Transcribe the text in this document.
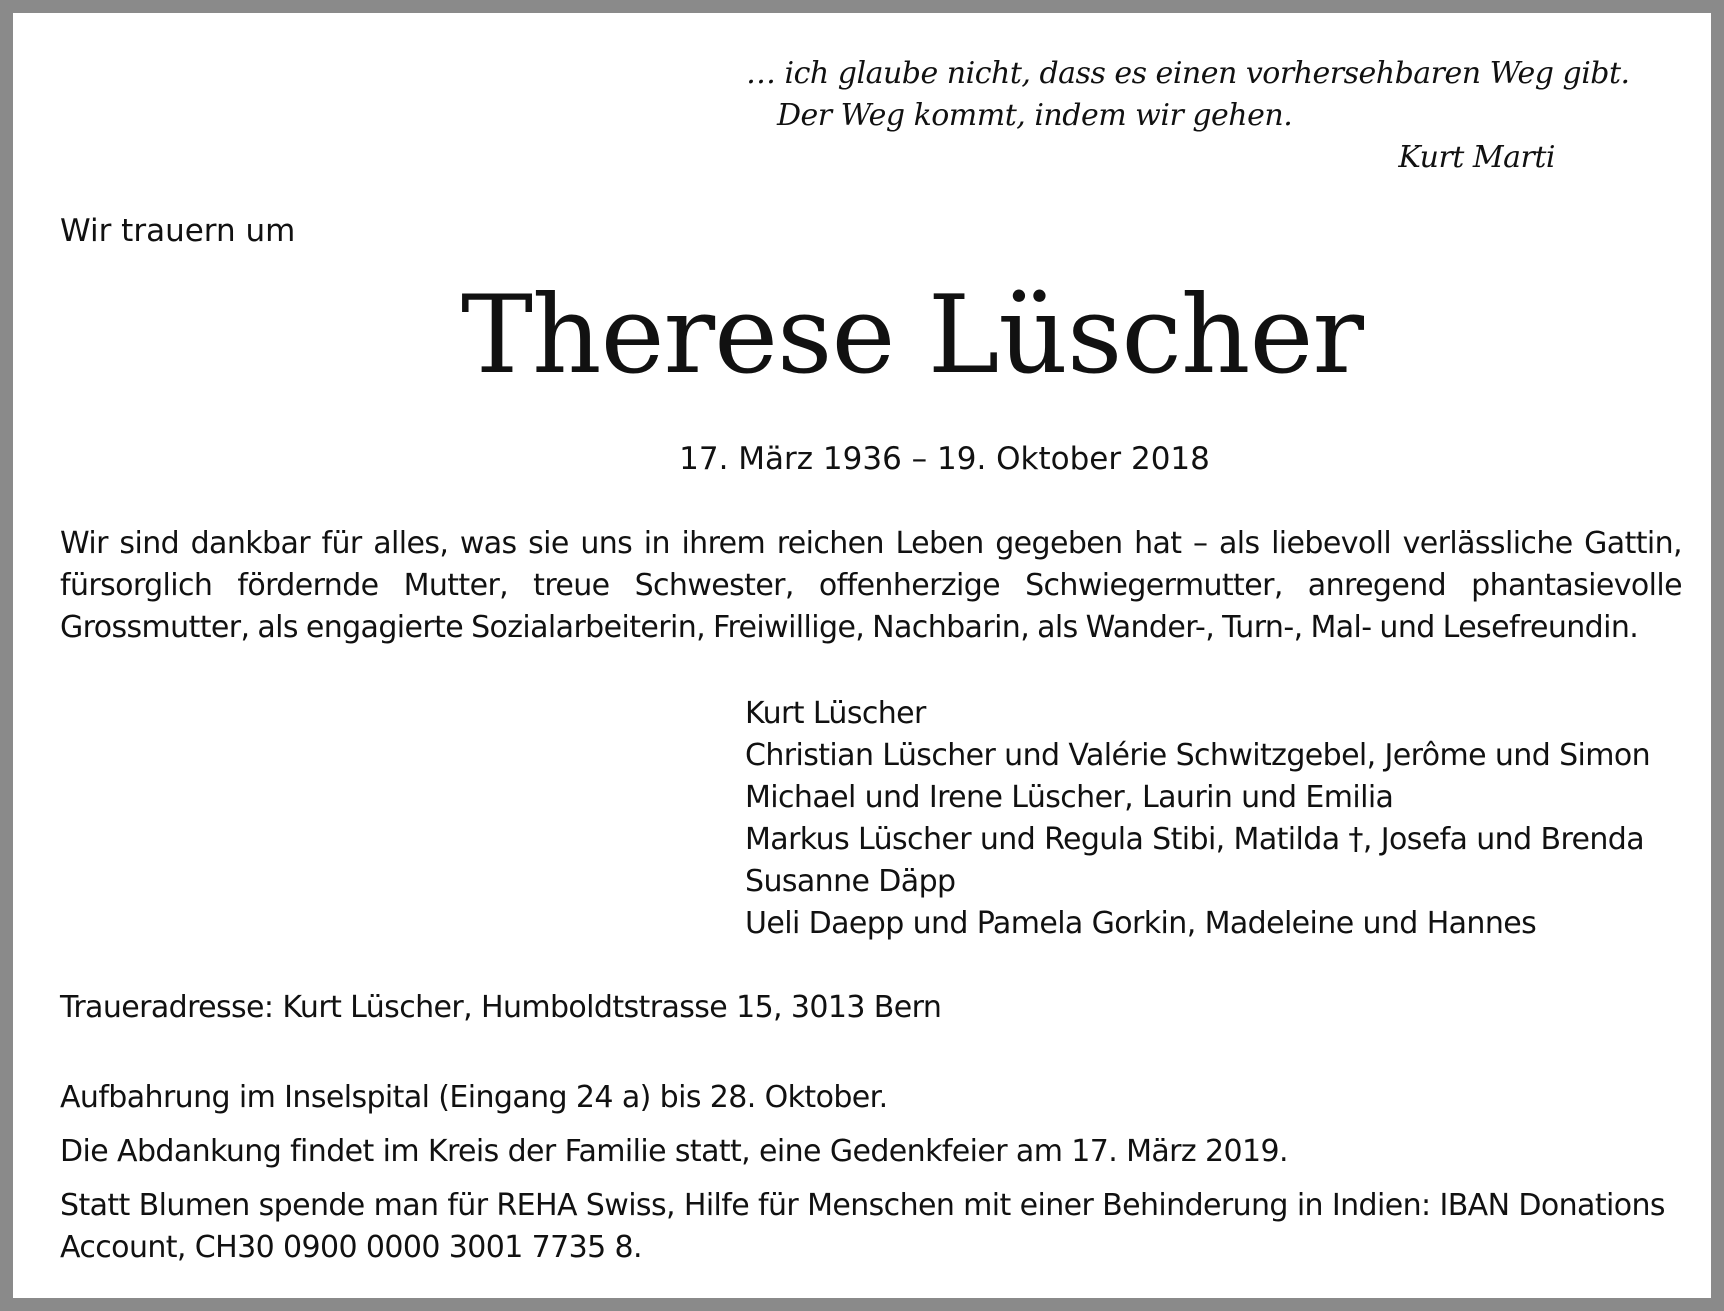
… ich glaube nicht, dass es einen vorhersehbaren Weg gibt.
Der Weg kommt, indem wir gehen.
Kurt Marti
Wir trauern um
Therese Lüscher
17. März 1936 – 19. Oktober 2018
Wir sind dankbar für alles, was sie uns in ihrem reichen Leben gegeben hat – als liebevoll verlässliche Gattin, fürsorglich fördernde Mutter, treue Schwester, offenherzige Schwiegermutter, anregend phantasievolle Grossmutter, als engagierte Sozialarbeiterin, Freiwillige, Nachbarin, als Wander-, Turn-, Mal- und Lesefreundin.
Kurt Lüscher
Christian Lüscher und Valérie Schwitzgebel, Jerôme und Simon
Michael und Irene Lüscher, Laurin und Emilia
Markus Lüscher und Regula Stibi, Matilda †, Josefa und Brenda
Susanne Däpp
Ueli Daepp und Pamela Gorkin, Madeleine und Hannes
Traueradresse: Kurt Lüscher, Humboldtstrasse 15, 3013 Bern
Aufbahrung im Inselspital (Eingang 24 a) bis 28. Oktober.
Die Abdankung findet im Kreis der Familie statt, eine Gedenkfeier am 17. März 2019.
Statt Blumen spende man für REHA Swiss, Hilfe für Menschen mit einer Behinderung in Indien: IBAN Donations Account, CH30 0900 0000 3001 7735 8.
